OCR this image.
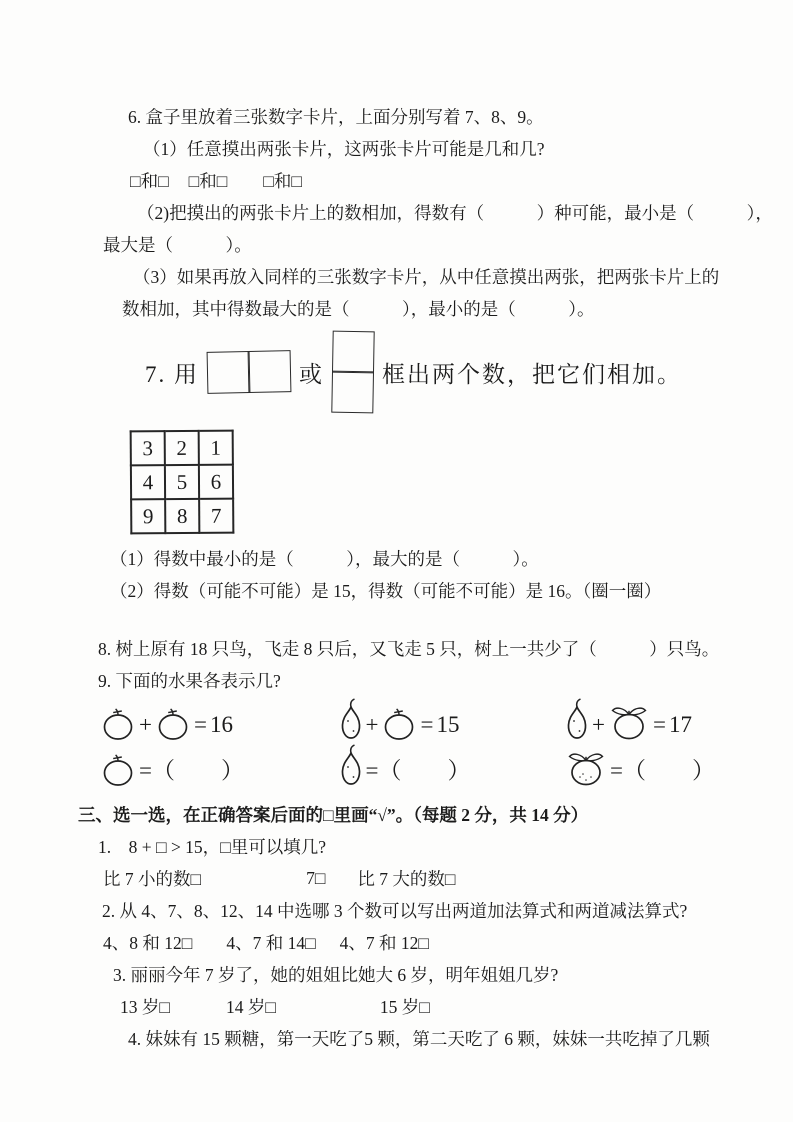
6. 盒子里放着三张数字卡片，上面分别写着 7、8、9。
（1）任意摸出两张卡片，这两张卡片可能是几和几?
□和□ □和□ □和□
（2)把摸出的两张卡片上的数相加，得数有（　　　）种可能，最小是（　　　），
最大是（　　　）。
（3）如果再放入同样的三张数字卡片，从中任意摸出两张，把两张卡片上的
数相加，其中得数最大的是（　　　），最小的是（　　　）。
7. 用	或	框出两个数，把它们相加。
3	2	1
4	5	6
9	8	7
（1）得数中最小的是（　　　），最大的是（　　　）。
（2）得数（可能不可能）是 15，得数（可能不可能）是 16。（圈一圈）
8. 树上原有 18 只鸟，飞走 8 只后，又飞走 5 只，树上一共少了（　　　）只鸟。
9. 下面的水果各表示几?
+ = 16
=（　　）
+ = 15
=（　　）
+ = 17
=（　　）
三、选一选，在正确答案后面的□里画“√”。（每题 2 分，共 14 分）
1.　8 + □ > 15，□里可以填几?
比 7 小的数□	7□ 比 7 大的数□
2. 从 4、7、8、12、14 中选哪 3 个数可以写出两道加法算式和两道减法算式?
4、8 和 12□ 4、7 和 14□ 4、7 和 12□
3. 丽丽今年 7 岁了，她的姐姐比她大 6 岁，明年姐姐几岁?
13 岁□	14 岁□	15 岁□
4. 妹妹有 15 颗糖，第一天吃了5 颗，第二天吃了 6 颗，妹妹一共吃掉了几颗
